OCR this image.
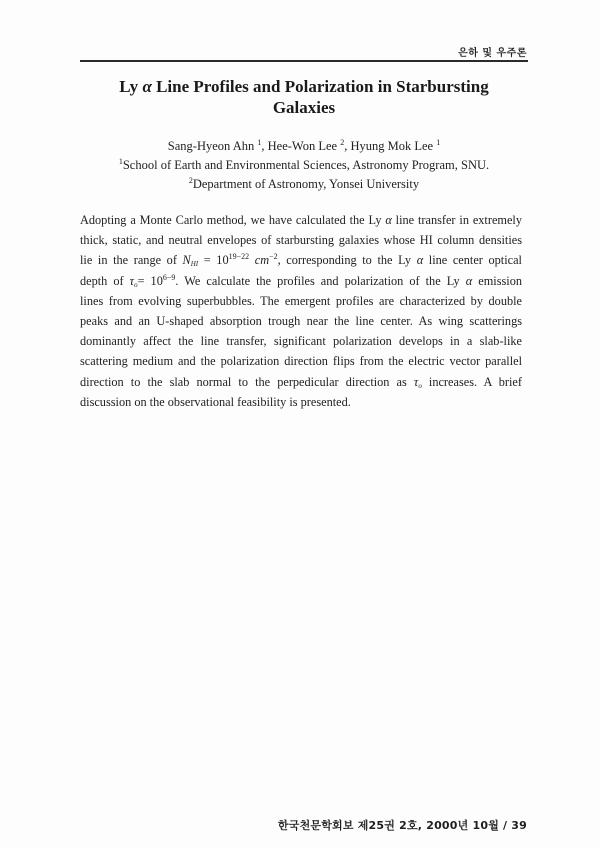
은하 및 우주론
Ly α Line Profiles and Polarization in Starbursting
Galaxies
Sang-Hyeon Ahn $^1$, Hee-Won Lee $^2$, Hyung Mok Lee $^1$
$^1$School of Earth and Environmental Sciences, Astronomy Program, SNU.
$^2$Department of Astronomy, Yonsei University
Adopting a Monte Carlo method, we have calculated the Ly α line transfer in extremely
thick, static, and neutral envelopes of starbursting galaxies whose HI column densities
lie in the range of $N_{HI} = 10^{19-22}$ $cm^{-2}$, corresponding to the Ly α line center optical
depth of $\tau_o= 10^{6-9}$. We calculate the profiles and polarization of the Ly α emission
lines from evolving superbubbles. The emergent profiles are characterized by double
peaks and an U-shaped absorption trough near the line center. As wing scatterings
dominantly affect the line transfer, significant polarization develops in a slab-like
scattering medium and the polarization direction flips from the electric vector parallel
direction to the slab normal to the perpedicular direction as $\tau_o$ increases. A brief
discussion on the observational feasibility is presented.
한국천문학회보 제25권 2호, 2000년 10월 / 39
